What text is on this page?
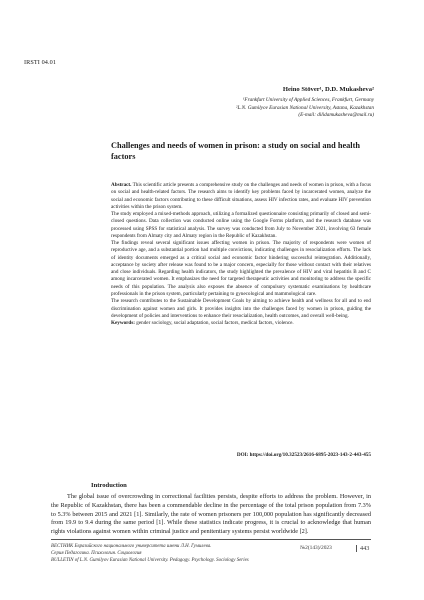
IRSTI 04.01
Heino Stöver¹, D.D. Mukasheva²
¹Frankfurt University of Applied Sciences, Frankfurt, Germany
²L.N. Gumilyov Eurasian National University, Astana, Kazakhstan
(E-mail: dilidamukasheva@mail.ru)
Challenges and needs of women in prison: a study on social and health factors

Abstract. This scientific article presents a comprehensive study on the challenges and needs of women in prison, with a focus on social and health-related factors. The research aims to identify key problems faced by incarcerated women, analyze the social and economic factors contributing to these difficult situations, assess HIV infection rates, and evaluate HIV prevention activities within the prison system.

The study employed a mixed-methods approach, utilizing a formalized questionnaire consisting primarily of closed and semi-closed questions. Data collection was conducted online using the Google Forms platform, and the research database was processed using SPSS for statistical analysis. The survey was conducted from July to November 2021, involving 63 female respondents from Almaty city and Almaty region in the Republic of Kazakhstan.

The findings reveal several significant issues affecting women in prison. The majority of respondents were women of reproductive age, and a substantial portion had multiple convictions, indicating challenges in resocialization efforts. The lack of identity documents emerged as a critical social and economic factor hindering successful reintegration. Additionally, acceptance by society after release was found to be a major concern, especially for those without contact with their relatives and close individuals. Regarding health indicators, the study highlighted the prevalence of HIV and viral hepatitis B and C among incarcerated women. It emphasizes the need for targeted therapeutic activities and monitoring to address the specific needs of this population. The analysis also exposes the absence of compulsory systematic examinations by healthcare professionals in the prison system, particularly pertaining to gynecological and mammological care.

The research contributes to the Sustainable Development Goals by aiming to achieve health and wellness for all and to end discrimination against women and girls. It provides insights into the challenges faced by women in prison, guiding the development of policies and interventions to enhance their resocialization, health outcomes, and overall well-being.

Keywords: gender sociology, social adaptation, social factors, medical factors, violence.

DOI: https://doi.org/10.32523/2616-6895-2023-143-2-443-455
Introduction

The global issue of overcrowding in correctional facilities persists, despite efforts to address the problem. However, in the Republic of Kazakhstan, there has been a commendable decline in the percentage of the total prison population from 7.3% to 5.3% between 2015 and 2021 [1]. Similarly, the rate of women prisoners per 100,000 population has significantly decreased from 19.9 to 9.4 during the same period [1]. While these statistics indicate progress, it is crucial to acknowledge that human rights violations against women within criminal justice and penitentiary systems persist worldwide [2].

ВЕСТНИК Евразийского национального университета имени Л.Н. Гумилева.
Серия Педагогика. Психология. Социология
BULLETIN of L.N. Gumilyov Eurasian National University. Pedagogy. Psychology. Sociology Series
№2(143)/2023	443
